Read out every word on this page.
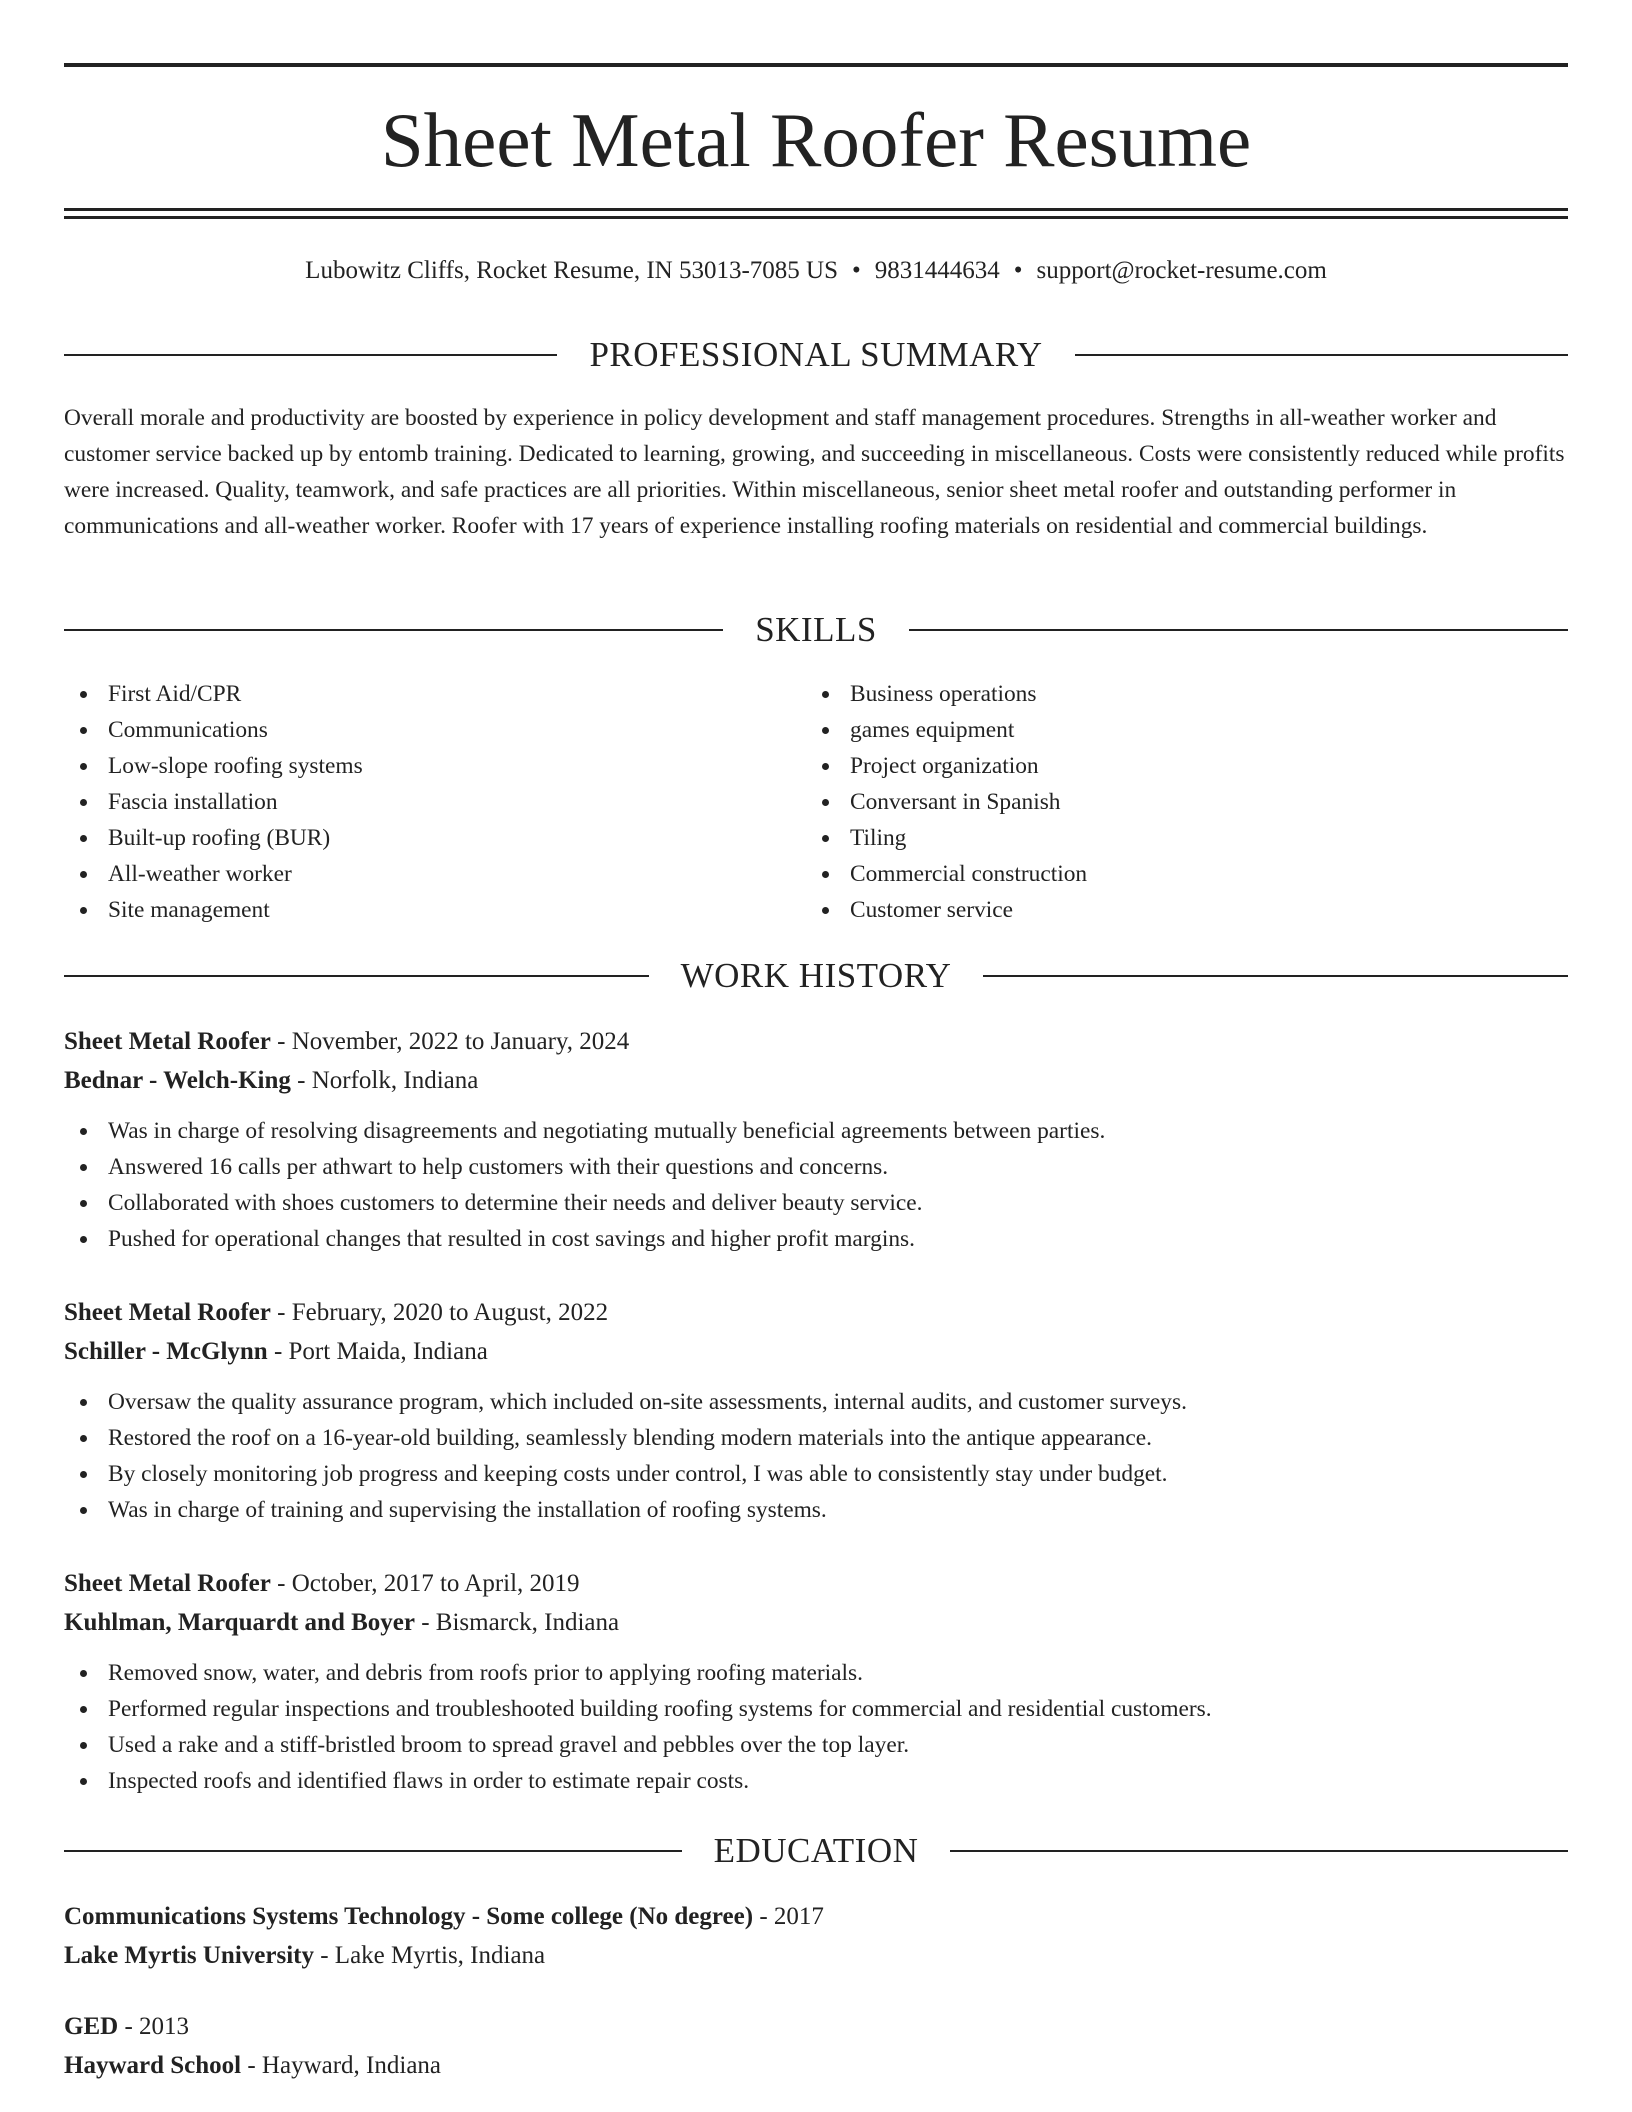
Sheet Metal Roofer Resume
Lubowitz Cliffs, Rocket Resume, IN 53013-7085 US • 9831444634 • support@rocket-resume.com
PROFESSIONAL SUMMARY

Overall morale and productivity are boosted by experience in policy development and staff management procedures. Strengths in all-weather worker and customer service backed up by entomb training. Dedicated to learning, growing, and succeeding in miscellaneous. Costs were consistently reduced while profits were increased. Quality, teamwork, and safe practices are all priorities. Within miscellaneous, senior sheet metal roofer and outstanding performer in communications and all-weather worker. Roofer with 17 years of experience installing roofing materials on residential and commercial buildings.

SKILLS
First Aid/CPR
Communications
Low-slope roofing systems
Fascia installation
Built-up roofing (BUR)
All-weather worker
Site management
Business operations
games equipment
Project organization
Conversant in Spanish
Tiling
Commercial construction
Customer service
WORK HISTORY

Sheet Metal Roofer - November, 2022 to January, 2024

Bednar - Welch-King - Norfolk, Indiana

Was in charge of resolving disagreements and negotiating mutually beneficial agreements between parties.
Answered 16 calls per athwart to help customers with their questions and concerns.
Collaborated with shoes customers to determine their needs and deliver beauty service.
Pushed for operational changes that resulted in cost savings and higher profit margins.

Sheet Metal Roofer - February, 2020 to August, 2022

Schiller - McGlynn - Port Maida, Indiana

Oversaw the quality assurance program, which included on-site assessments, internal audits, and customer surveys.
Restored the roof on a 16-year-old building, seamlessly blending modern materials into the antique appearance.
By closely monitoring job progress and keeping costs under control, I was able to consistently stay under budget.
Was in charge of training and supervising the installation of roofing systems.

Sheet Metal Roofer - October, 2017 to April, 2019

Kuhlman, Marquardt and Boyer - Bismarck, Indiana

Removed snow, water, and debris from roofs prior to applying roofing materials.
Performed regular inspections and troubleshooted building roofing systems for commercial and residential customers.
Used a rake and a stiff-bristled broom to spread gravel and pebbles over the top layer.
Inspected roofs and identified flaws in order to estimate repair costs.
EDUCATION

Communications Systems Technology - Some college (No degree) - 2017

Lake Myrtis University - Lake Myrtis, Indiana

GED - 2013

Hayward School - Hayward, Indiana
